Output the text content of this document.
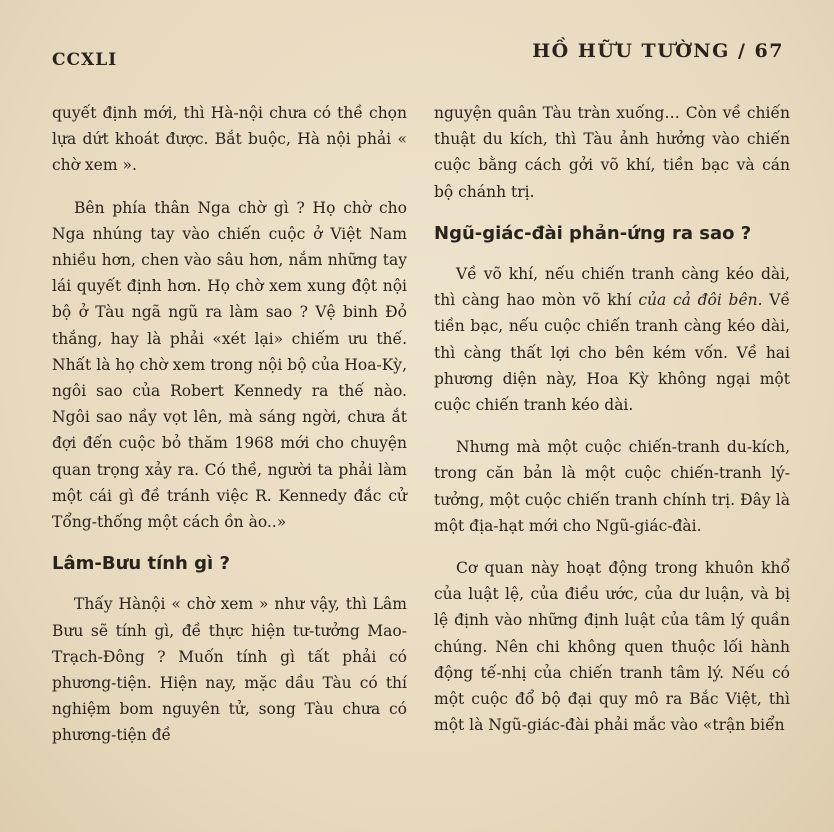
CCXLI	HỒ HỮU TƯỜNG / 67

quyết định mới, thì Hà-nội chưa có thề chọn lựa dứt khoát được. Bắt buộc, Hà nội phải « chờ xem ».

Bên phía thân Nga chờ gì ? Họ chờ cho Nga nhúng tay vào chiến cuộc ở Việt Nam nhiều hơn, chen vào sâu hơn, nắm những tay lái quyết định hơn. Họ chờ xem xung đột nội bộ ở Tàu ngã ngũ ra làm sao ? Vệ binh Đỏ thắng, hay là phải «xét lại» chiếm ưu thế. Nhất là họ chờ xem trong nội bộ của Hoa-Kỳ, ngôi sao của Robert Kennedy ra thế nào. Ngôi sao nầy vọt lên, mà sáng ngời, chưa ắt đợi đến cuộc bỏ thăm 1968 mới cho chuyện quan trọng xảy ra. Có thề, người ta phải làm một cái gì đề tránh việc R. Kennedy đắc cử Tổng-thống một cách ồn ào..»

Lâm-Bưu tính gì ?

Thấy Hànội « chờ xem » như vậy, thì Lâm Bưu sẽ tính gì, đề thực hiện tư-tưởng Mao-Trạch-Đông ? Muốn tính gì tất phải có phương-tiện. Hiện nay, mặc dầu Tàu có thí nghiệm bom nguyên tử, song Tàu chưa có phương-tiện đề

nguyện quân Tàu tràn xuống… Còn về chiến thuật du kích, thì Tàu ảnh hưởng vào chiến cuộc bằng cách gởi võ khí, tiền bạc và cán bộ chánh trị.

Ngũ-giác-đài phản-ứng ra sao ?

Về võ khí, nếu chiến tranh càng kéo dài, thì càng hao mòn võ khí của cả đôi bên. Về tiền bạc, nếu cuộc chiến tranh càng kéo dài, thì càng thất lợi cho bên kém vốn. Về hai phương diện này, Hoa Kỳ không ngại một cuộc chiến tranh kéo dài.

Nhưng mà một cuộc chiến-tranh du-kích, trong căn bản là một cuộc chiến-tranh lý-tưởng, một cuộc chiến tranh chính trị. Đây là một địa-hạt mới cho Ngũ-giác-đài.

Cơ quan này hoạt động trong khuôn khổ của luật lệ, của điều ước, của dư luận, và bị lệ định vào những định luật của tâm lý quần chúng. Nên chi không quen thuộc lối hành động tế-nhị của chiến tranh tâm lý. Nếu có một cuộc đổ bộ đại quy mô ra Bắc Việt, thì một là Ngũ-giác-đài phải mắc vào «trận biển
